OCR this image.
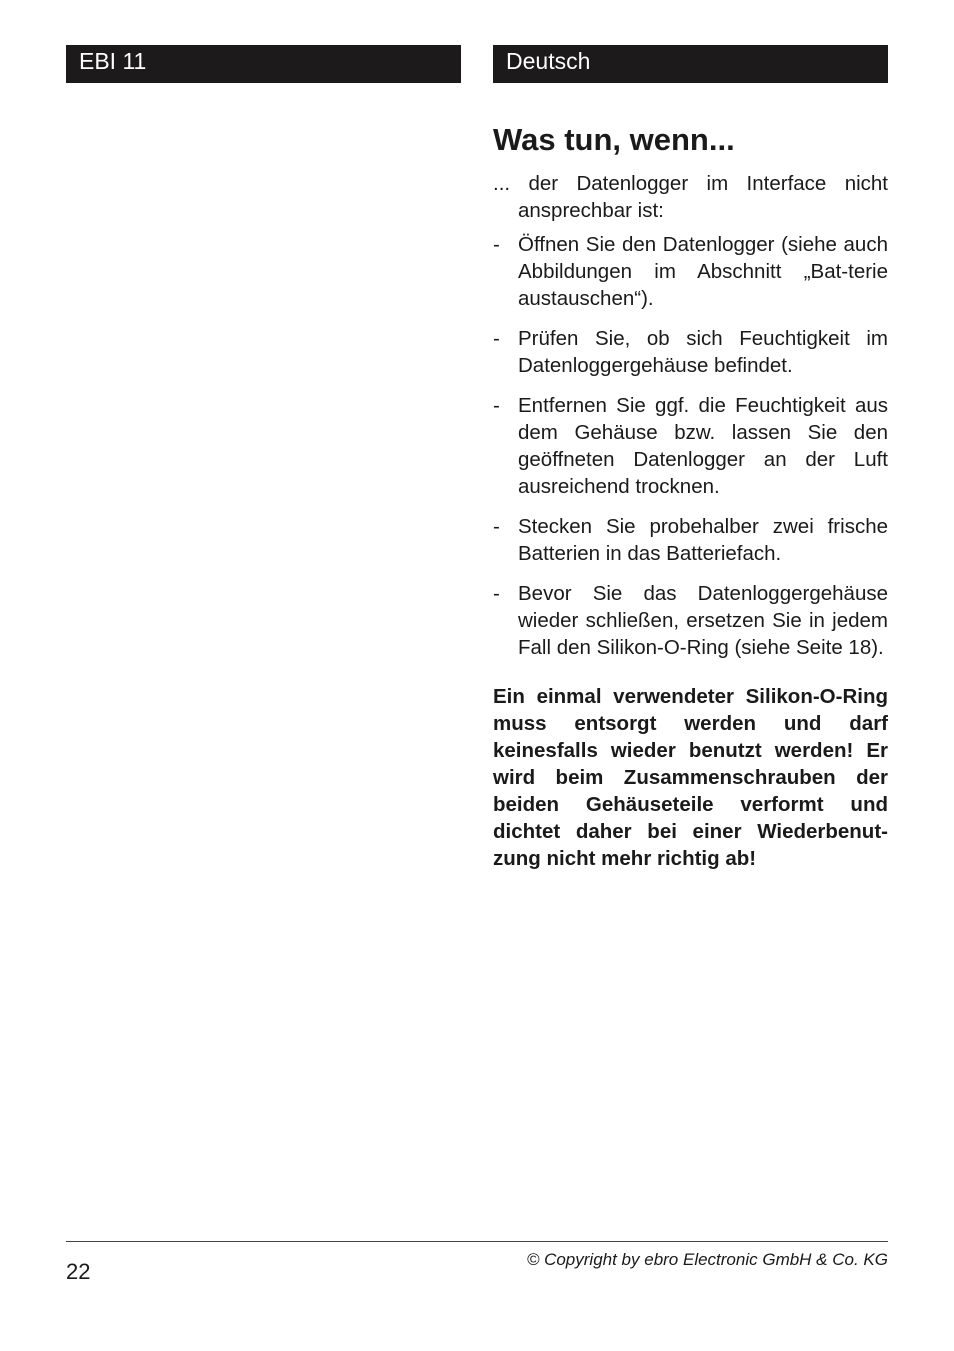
EBI 11	Deutsch
Was tun, wenn...

... der Datenlogger im Interface nicht ansprechbar ist:

- Öffnen Sie den Datenlogger (siehe auch Abbildungen im Abschnitt „Bat-terie austauschen“).
- Prüfen Sie, ob sich Feuchtigkeit im Datenloggergehäuse befindet.
- Entfernen Sie ggf. die Feuchtigkeit aus dem Gehäuse bzw. lassen Sie den geöffneten Datenlogger an der Luft ausreichend trocknen.
- Stecken Sie probehalber zwei frische Batterien in das Batteriefach.
- Bevor Sie das Datenloggergehäuse wieder schließen, ersetzen Sie in jedem Fall den Silikon-O-Ring (siehe Seite 18).

Ein einmal verwendeter Silikon-O-Ring muss entsorgt werden und darf keinesfalls wieder benutzt werden! Er wird beim Zusammenschrauben der beiden Gehäuseteile verformt und dichtet daher bei einer Wiederbenut-zung nicht mehr richtig ab!

22	© Copyright by ebro Electronic GmbH & Co. KG
